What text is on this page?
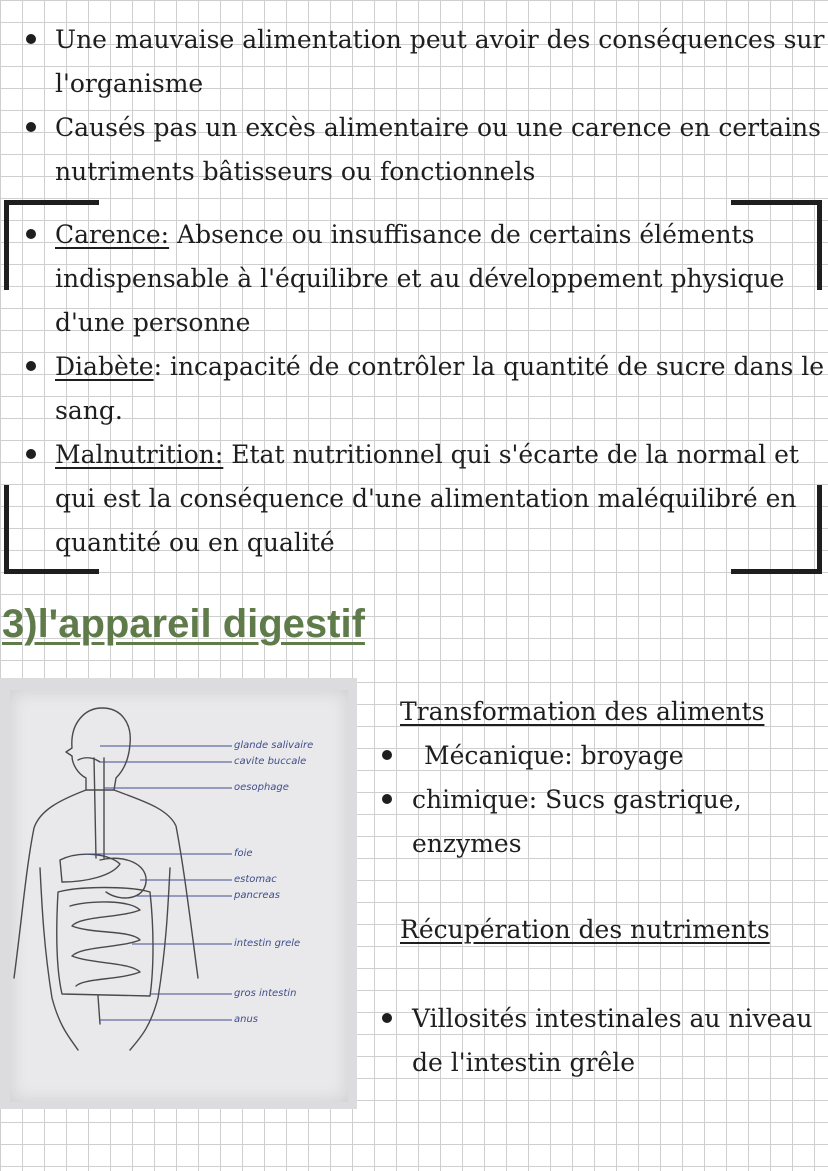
Une mauvaise alimentation peut avoir des conséquences sur l'organisme
Causés pas un excès alimentaire ou une carence en certains nutriments bâtisseurs ou fonctionnels
Carence: Absence ou insuffisance de certains éléments indispensable à l'équilibre et au développement physique d'une personne
Diabète: incapacité de contrôler la quantité de sucre dans le sang.
Malnutrition: Etat nutritionnel qui s'écarte de la normal et qui est la conséquence d'une alimentation maléquilibré en quantité ou en qualité
3)l'appareil digestif
glande salivaire
cavite buccale
oesophage
foie
estomac
pancreas
intestin grele
gros intestin
anus
Transformation des aliments
Mécanique: broyage
chimique: Sucs gastrique, enzymes
Récupération des nutriments
Villosités intestinales au niveau de l'intestin grêle
